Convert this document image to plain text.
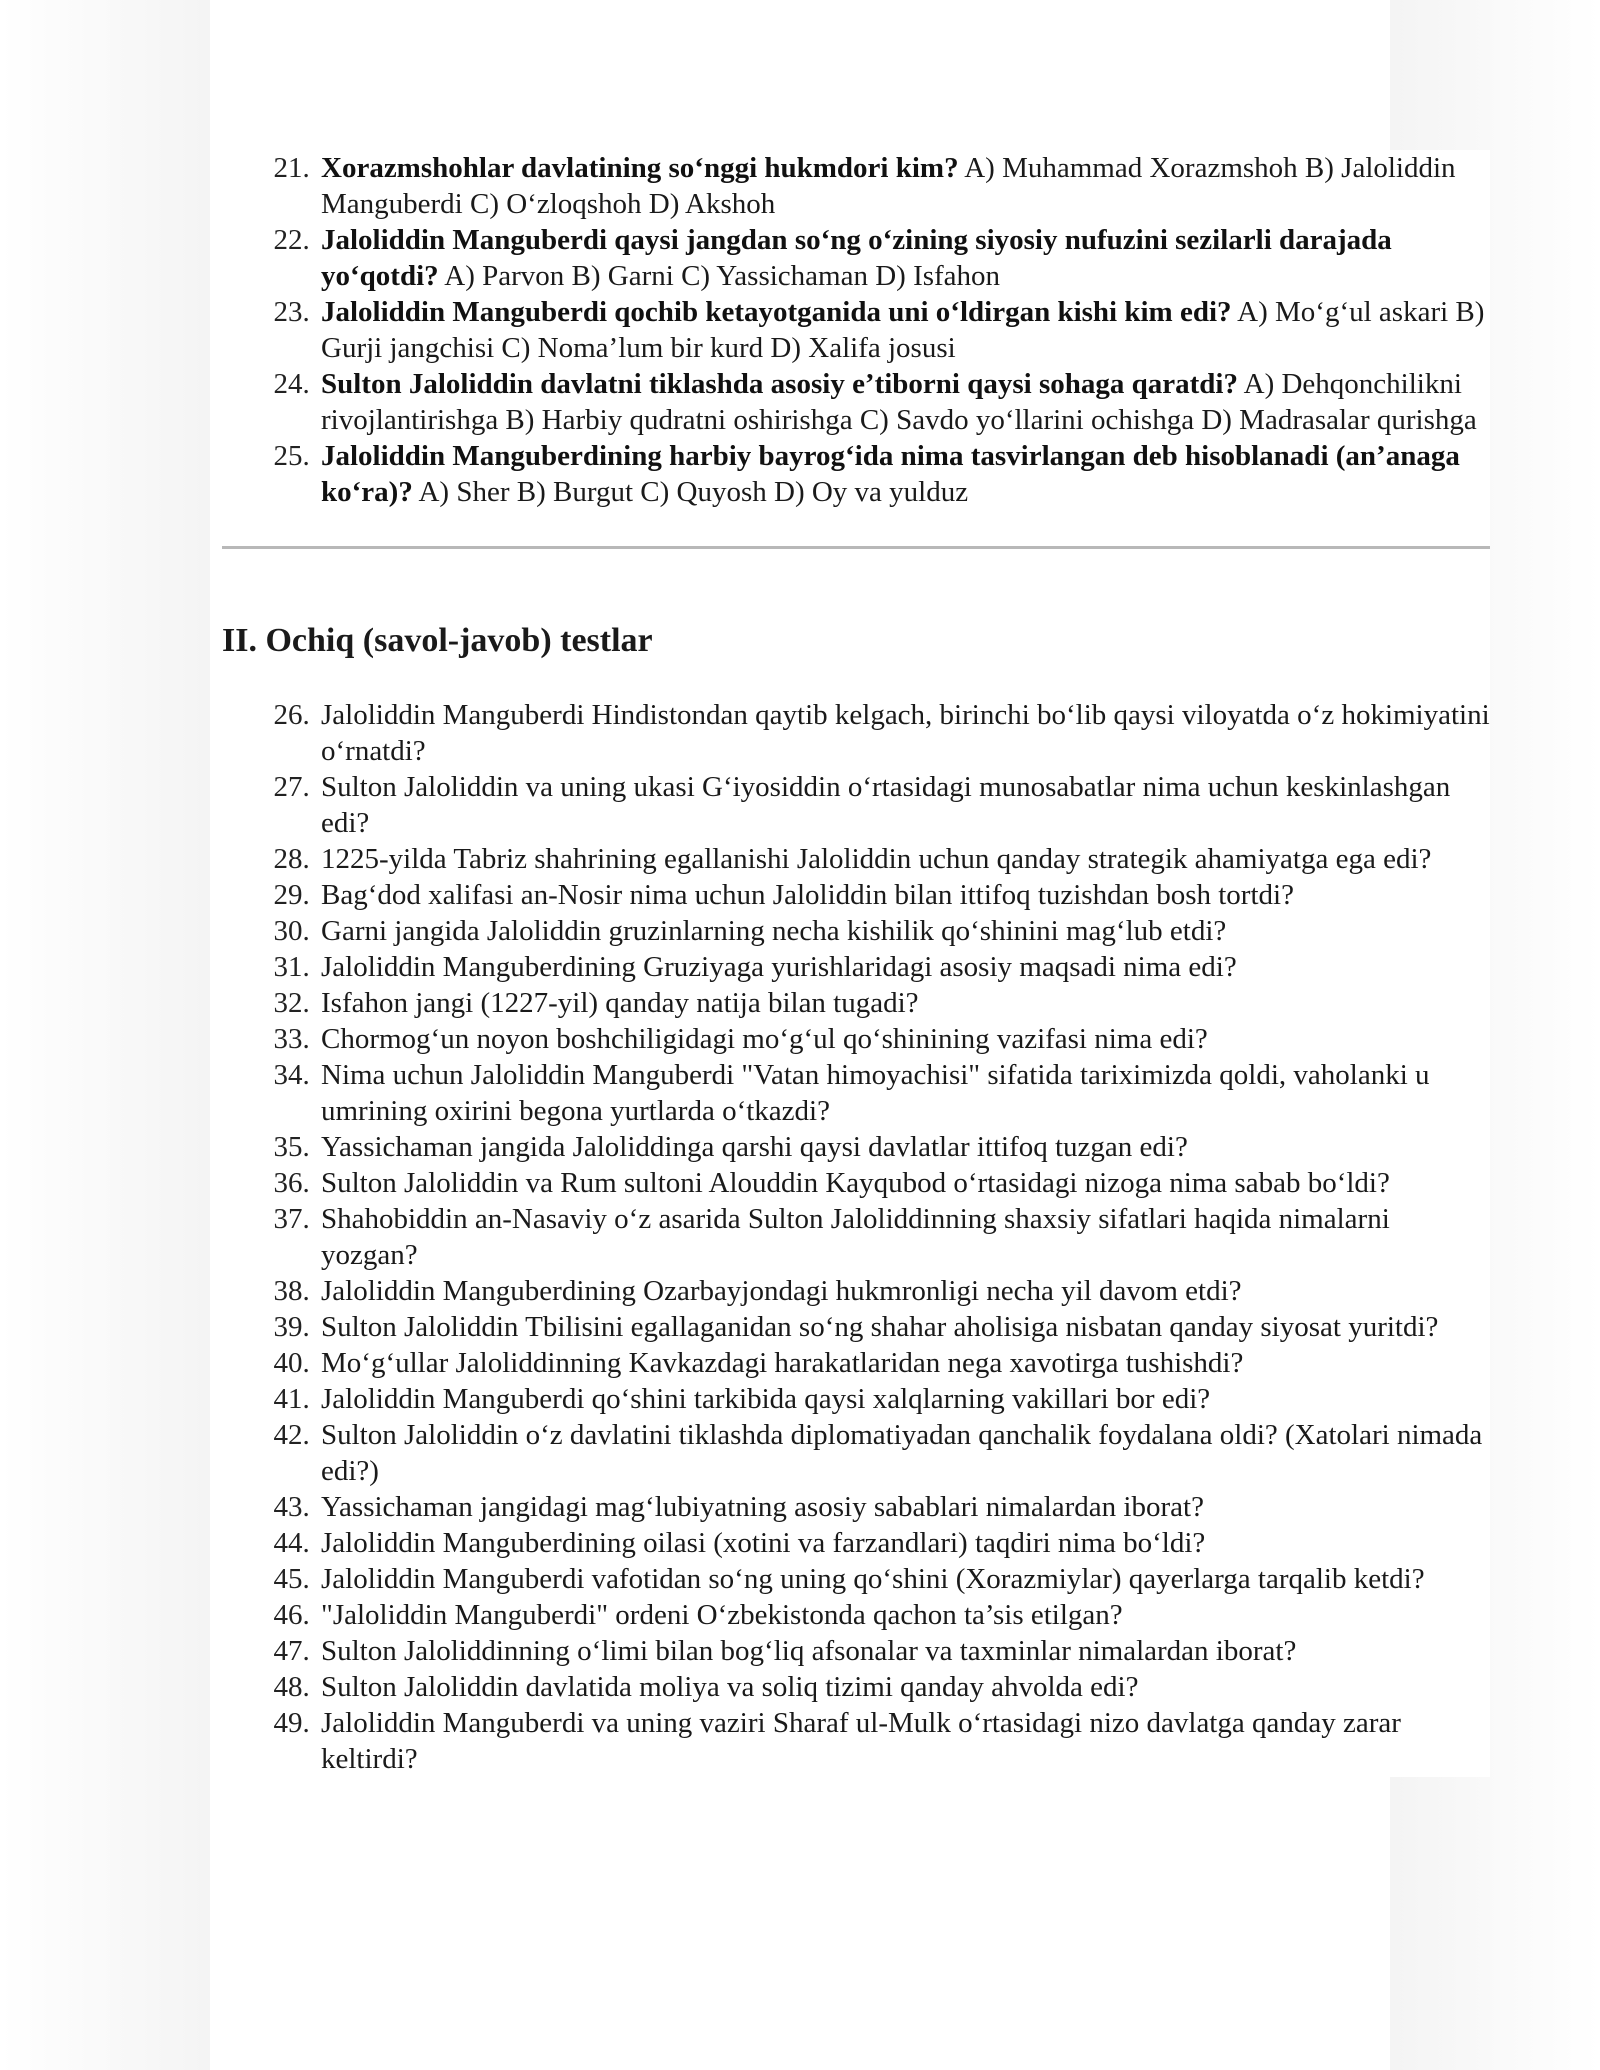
21. Xorazmshohlar davlatining so‘nggi hukmdori kim? A) Muhammad Xorazmshoh B) Jaloliddin Manguberdi C) O‘zloqshoh D) Akshoh
22. Jaloliddin Manguberdi qaysi jangdan so‘ng o‘zining siyosiy nufuzini sezilarli darajada yo‘qotdi? A) Parvon B) Garni C) Yassichaman D) Isfahon
23. Jaloliddin Manguberdi qochib ketayotganida uni o‘ldirgan kishi kim edi? A) Mo‘g‘ul askari B) Gurji jangchisi C) Noma’lum bir kurd D) Xalifa josusi
24. Sulton Jaloliddin davlatni tiklashda asosiy e’tiborni qaysi sohaga qaratdi? A) Dehqonchilikni rivojlantirishga B) Harbiy qudratni oshirishga C) Savdo yo‘llarini ochishga D) Madrasalar qurishga
25. Jaloliddin Manguberdining harbiy bayrog‘ida nima tasvirlangan deb hisoblanadi (an’anaga ko‘ra)? A) Sher B) Burgut C) Quyosh D) Oy va yulduz
II. Ochiq (savol-javob) testlar
26. Jaloliddin Manguberdi Hindistondan qaytib kelgach, birinchi bo‘lib qaysi viloyatda o‘z hokimiyatini o‘rnatdi?
27. Sulton Jaloliddin va uning ukasi G‘iyosiddin o‘rtasidagi munosabatlar nima uchun keskinlashgan edi?
28. 1225-yilda Tabriz shahrining egallanishi Jaloliddin uchun qanday strategik ahamiyatga ega edi?
29. Bag‘dod xalifasi an-Nosir nima uchun Jaloliddin bilan ittifoq tuzishdan bosh tortdi?
30. Garni jangida Jaloliddin gruzinlarning necha kishilik qo‘shinini mag‘lub etdi?
31. Jaloliddin Manguberdining Gruziyaga yurishlaridagi asosiy maqsadi nima edi?
32. Isfahon jangi (1227-yil) qanday natija bilan tugadi?
33. Chormog‘un noyon boshchiligidagi mo‘g‘ul qo‘shinining vazifasi nima edi?
34. Nima uchun Jaloliddin Manguberdi "Vatan himoyachisi" sifatida tariximizda qoldi, vaholanki u umrining oxirini begona yurtlarda o‘tkazdi?
35. Yassichaman jangida Jaloliddinga qarshi qaysi davlatlar ittifoq tuzgan edi?
36. Sulton Jaloliddin va Rum sultoni Alouddin Kayqubod o‘rtasidagi nizoga nima sabab bo‘ldi?
37. Shahobiddin an-Nasaviy o‘z asarida Sulton Jaloliddinning shaxsiy sifatlari haqida nimalarni yozgan?
38. Jaloliddin Manguberdining Ozarbayjondagi hukmronligi necha yil davom etdi?
39. Sulton Jaloliddin Tbilisini egallaganidan so‘ng shahar aholisiga nisbatan qanday siyosat yuritdi?
40. Mo‘g‘ullar Jaloliddinning Kavkazdagi harakatlaridan nega xavotirga tushishdi?
41. Jaloliddin Manguberdi qo‘shini tarkibida qaysi xalqlarning vakillari bor edi?
42. Sulton Jaloliddin o‘z davlatini tiklashda diplomatiyadan qanchalik foydalana oldi? (Xatolari nimada edi?)
43. Yassichaman jangidagi mag‘lubiyatning asosiy sabablari nimalardan iborat?
44. Jaloliddin Manguberdining oilasi (xotini va farzandlari) taqdiri nima bo‘ldi?
45. Jaloliddin Manguberdi vafotidan so‘ng uning qo‘shini (Xorazmiylar) qayerlarga tarqalib ketdi?
46. "Jaloliddin Manguberdi" ordeni O‘zbekistonda qachon ta’sis etilgan?
47. Sulton Jaloliddinning o‘limi bilan bog‘liq afsonalar va taxminlar nimalardan iborat?
48. Sulton Jaloliddin davlatida moliya va soliq tizimi qanday ahvolda edi?
49. Jaloliddin Manguberdi va uning vaziri Sharaf ul-Mulk o‘rtasidagi nizo davlatga qanday zarar keltirdi?
